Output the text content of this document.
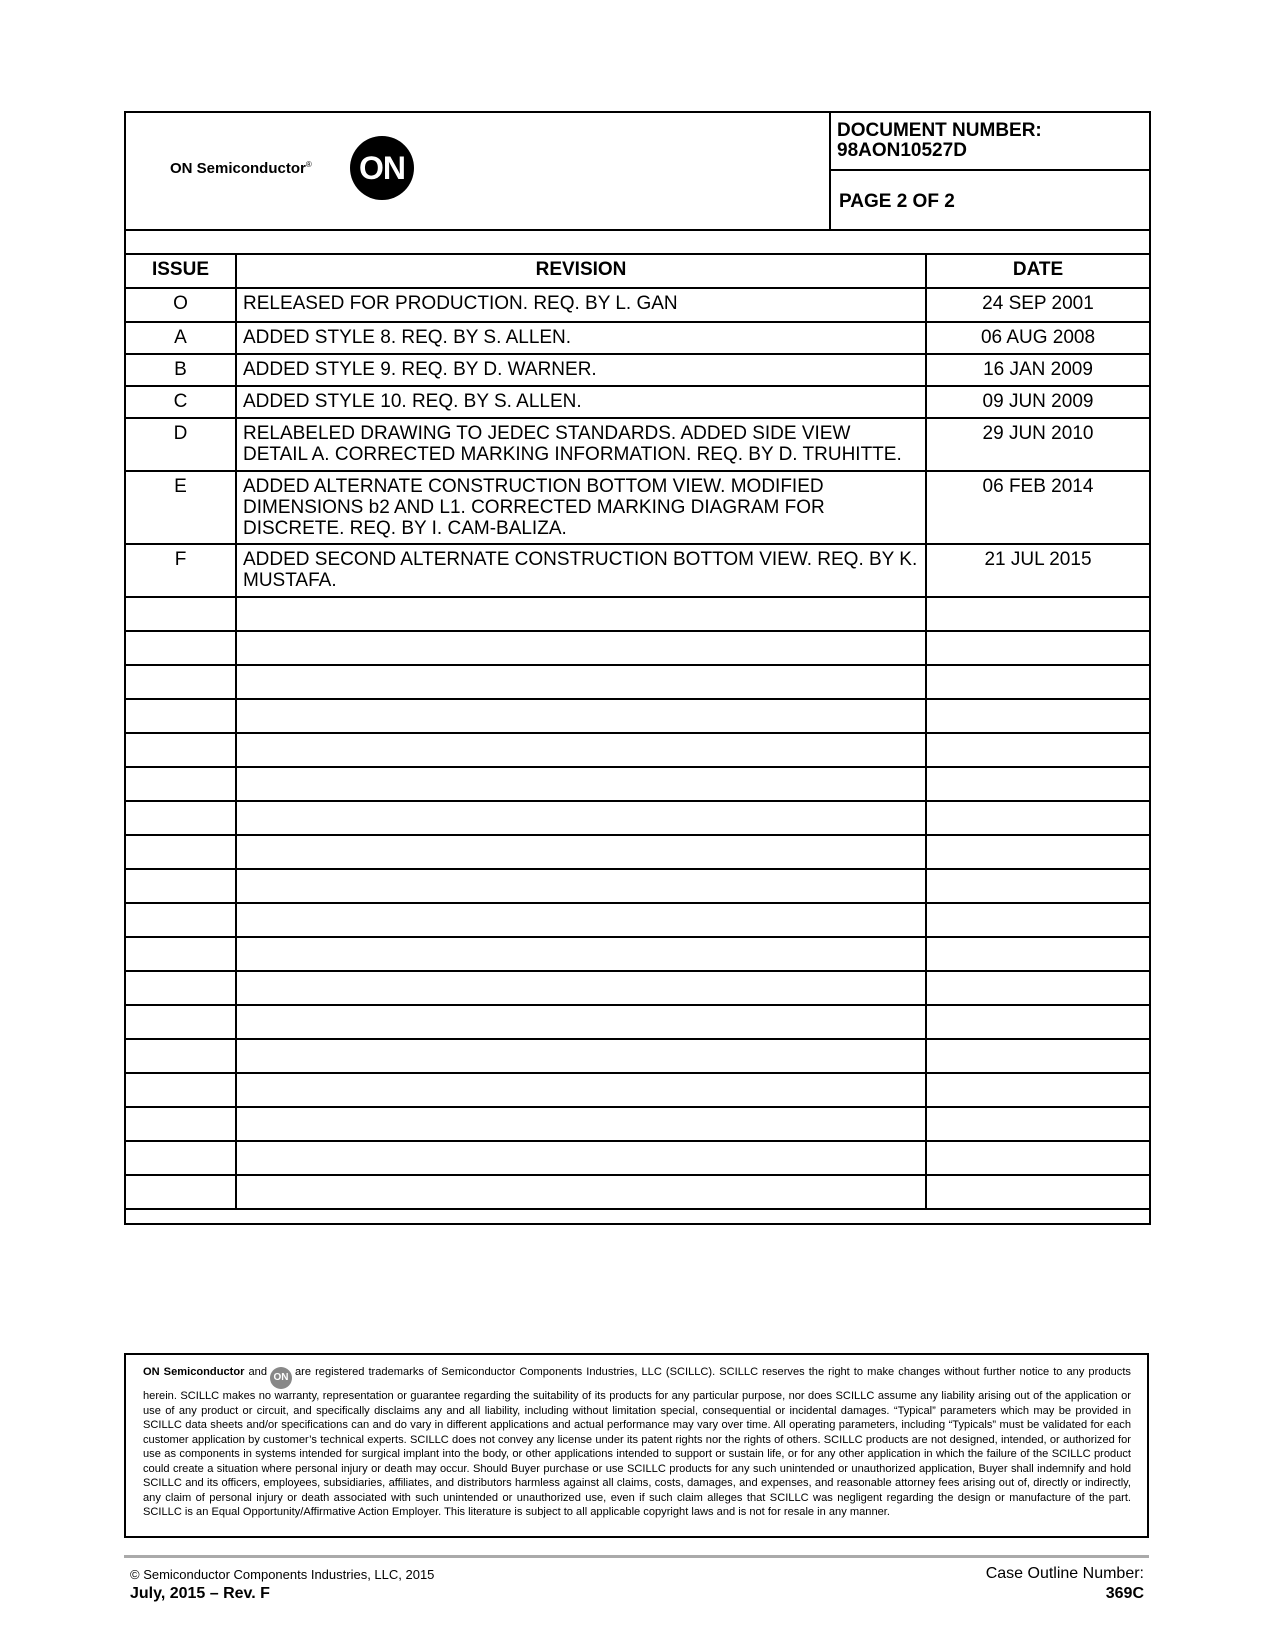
ON Semiconductor® ON
DOCUMENT NUMBER:
98AON10527D
PAGE 2 OF 2
ISSUE	REVISION	DATE
O	RELEASED FOR PRODUCTION. REQ. BY L. GAN	24 SEP 2001
A	ADDED STYLE 8. REQ. BY S. ALLEN.	06 AUG 2008
B	ADDED STYLE 9. REQ. BY D. WARNER.	16 JAN 2009
C	ADDED STYLE 10. REQ. BY S. ALLEN.	09 JUN 2009
D	RELABELED DRAWING TO JEDEC STANDARDS. ADDED SIDE VIEW DETAIL A. CORRECTED MARKING INFORMATION. REQ. BY D. TRUHITTE.	29 JUN 2010
E	ADDED ALTERNATE CONSTRUCTION BOTTOM VIEW. MODIFIED DIMENSIONS b2 AND L1. CORRECTED MARKING DIAGRAM FOR DISCRETE. REQ. BY I. CAM-BALIZA.	06 FEB 2014
F	ADDED SECOND ALTERNATE CONSTRUCTION BOTTOM VIEW. REQ. BY K. MUSTAFA.	21 JUL 2015

ON Semiconductor and ON are registered trademarks of Semiconductor Components Industries, LLC (SCILLC). SCILLC reserves the right to make changes without further notice to any products herein. SCILLC makes no warranty, representation or guarantee regarding the suitability of its products for any particular purpose, nor does SCILLC assume any liability arising out of the application or use of any product or circuit, and specifically disclaims any and all liability, including without limitation special, consequential or incidental damages. “Typical” parameters which may be provided in SCILLC data sheets and/or specifications can and do vary in different applications and actual performance may vary over time. All operating parameters, including “Typicals” must be validated for each customer application by customer’s technical experts. SCILLC does not convey any license under its patent rights nor the rights of others. SCILLC products are not designed, intended, or authorized for use as components in systems intended for surgical implant into the body, or other applications intended to support or sustain life, or for any other application in which the failure of the SCILLC product could create a situation where personal injury or death may occur. Should Buyer purchase or use SCILLC products for any such unintended or unauthorized application, Buyer shall indemnify and hold SCILLC and its officers, employees, subsidiaries, affiliates, and distributors harmless against all claims, costs, damages, and expenses, and reasonable attorney fees arising out of, directly or indirectly, any claim of personal injury or death associated with such unintended or unauthorized use, even if such claim alleges that SCILLC was negligent regarding the design or manufacture of the part. SCILLC is an Equal Opportunity/Affirmative Action Employer. This literature is subject to all applicable copyright laws and is not for resale in any manner.
© Semiconductor Components Industries, LLC, 2015
July, 2015 – Rev. F
Case Outline Number:
369C
